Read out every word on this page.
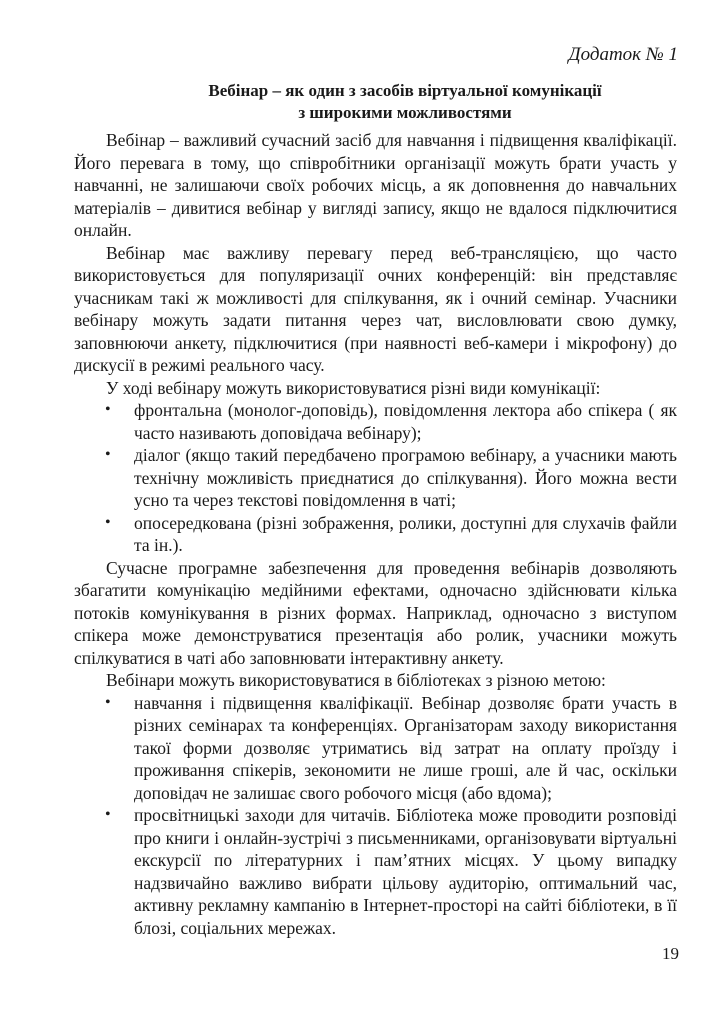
Додаток № 1

Вебінар – як один з засобів віртуальної комунікації
з широкими можливостями

Вебінар – важливий сучасний засіб для навчання і підвищення кваліфікації. Його перевага в тому, що співробітники організації можуть брати участь у навчанні, не залишаючи своїх робочих місць, а як доповнення до навчальних матеріалів – дивитися вебінар у вигляді запису, якщо не вдалося підключитися онлайн.

Вебінар має важливу перевагу перед веб-трансляцією, що часто використовується для популяризації очних конференцій: він представляє учасникам такі ж можливості для спілкування, як і очний семінар. Учасники вебінару можуть задати питання через чат, висловлювати свою думку, заповнюючи анкету, підключитися (при наявності веб-камери і мікрофону) до дискусії в режимі реального часу.

У ході вебінару можуть використовуватися різні види комунікації:

• фронтальна (монолог-доповідь), повідомлення лектора або спікера ( як часто називають доповідача вебінару);
• діалог (якщо такий передбачено програмою вебінару, а учасники мають технічну можливість приєднатися до спілкування). Його можна вести усно та через текстові повідомлення в чаті;
• опосередкована (різні зображення, ролики, доступні для слухачів файли та ін.).

Сучасне програмне забезпечення для проведення вебінарів дозволяють збагатити комунікацію медійними ефектами, одночасно здійснювати кілька потоків комунікування в різних формах. Наприклад, одночасно з виступом спікера може демонструватися презентація або ролик, учасники можуть спілкуватися в чаті або заповнювати інтерактивну анкету.

Вебінари можуть використовуватися в бібліотеках з різною метою:

• навчання і підвищення кваліфікації. Вебінар дозволяє брати участь в різних семінарах та конференціях. Організаторам заходу використання такої форми дозволяє утриматись від затрат на оплату проїзду і проживання спікерів, зекономити не лише гроші, але й час, оскільки доповідач не залишає свого робочого місця (або вдома);
• просвітницькі заходи для читачів. Бібліотека може проводити розповіді про книги і онлайн-зустрічі з письменниками, організовувати віртуальні екскурсії по літературних і пам’ятних місцях. У цьому випадку надзвичайно важливо вибрати цільову аудиторію, оптимальний час, активну рекламну кампанію в Інтернет-просторі на сайті бібліотеки, в її блозі, соціальних мережах.

19
